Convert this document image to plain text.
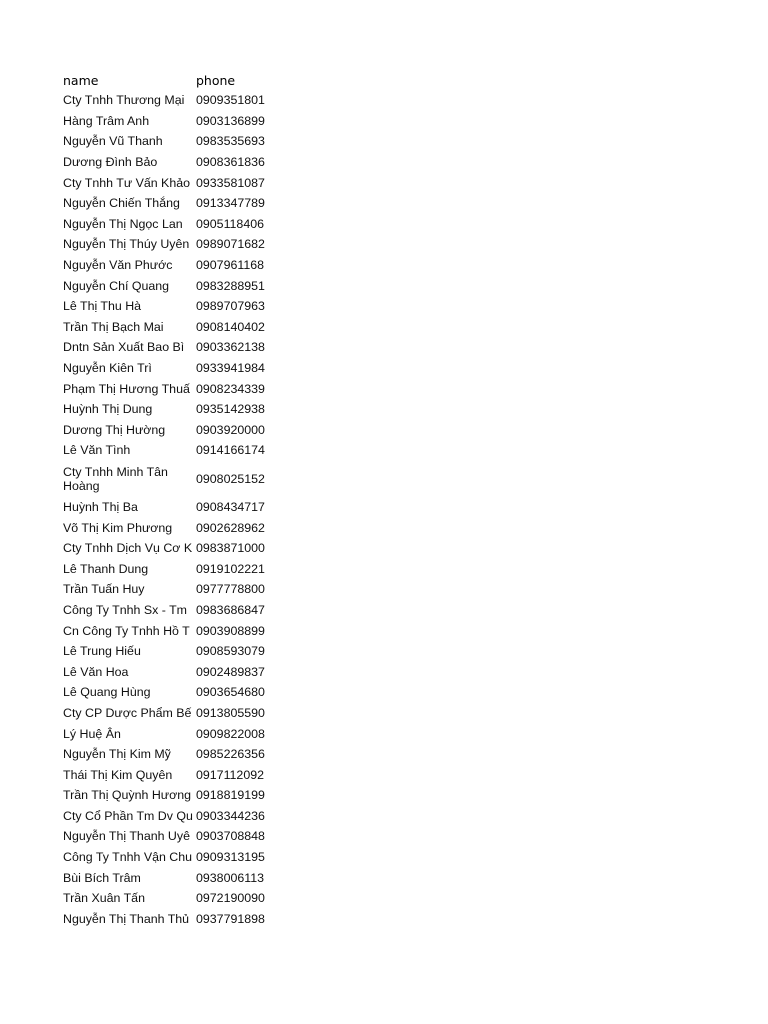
name	phone
Cty Tnhh Thương Mại 0909351801
Hàng Trâm Anh	0903136899
Nguyễn Vũ Thanh	0983535693
Dương Đình Bảo	0908361836
Cty Tnhh Tư Vấn Khảo 0933581087
Nguyễn Chiến Thắng	0913347789
Nguyễn Thị Ngọc Lan	0905118406
Nguyễn Thị Thúy Uyên 0989071682
Nguyễn Văn Phước	0907961168
Nguyễn Chí Quang	0983288951
Lê Thị Thu Hà	0989707963
Trần Thị Bạch Mai	0908140402
Dntn Sản Xuất Bao Bì 0903362138
Nguyễn Kiên Trì	0933941984
Phạm Thị Hương Thuấ 0908234339
Huỳnh Thị Dung	0935142938
Dương Thị Hường	0903920000
Lê Văn Tình	0914166174
Cty Tnhh Minh Tân Hoàng	0908025152
Huỳnh Thị Ba	0908434717
Võ Thị Kim Phương	0902628962
Cty Tnhh Dịch Vụ Cơ K 0983871000
Lê Thanh Dung	0919102221
Trần Tuấn Huy	0977778800
Công Ty Tnhh Sx - Tm 0983686847
Cn Công Ty Tnhh Hồ T 0903908899
Lê Trung Hiếu	0908593079
Lê Văn Hoa	0902489837
Lê Quang Hùng	0903654680
Cty CP Dược Phẩm Bế 0913805590
Lý Huệ Ân	0909822008
Nguyễn Thị Kim Mỹ	0985226356
Thái Thị Kim Quyên	0917112092
Trần Thị Quỳnh Hương 0918819199
Cty Cổ Phần Tm Dv Qu 0903344236
Nguyễn Thị Thanh Uyê 0903708848
Công Ty Tnhh Vận Chu 0909313195
Bùi Bích Trâm	0938006113
Trần Xuân Tấn	0972190090
Nguyễn Thị Thanh Thủ 0937791898
